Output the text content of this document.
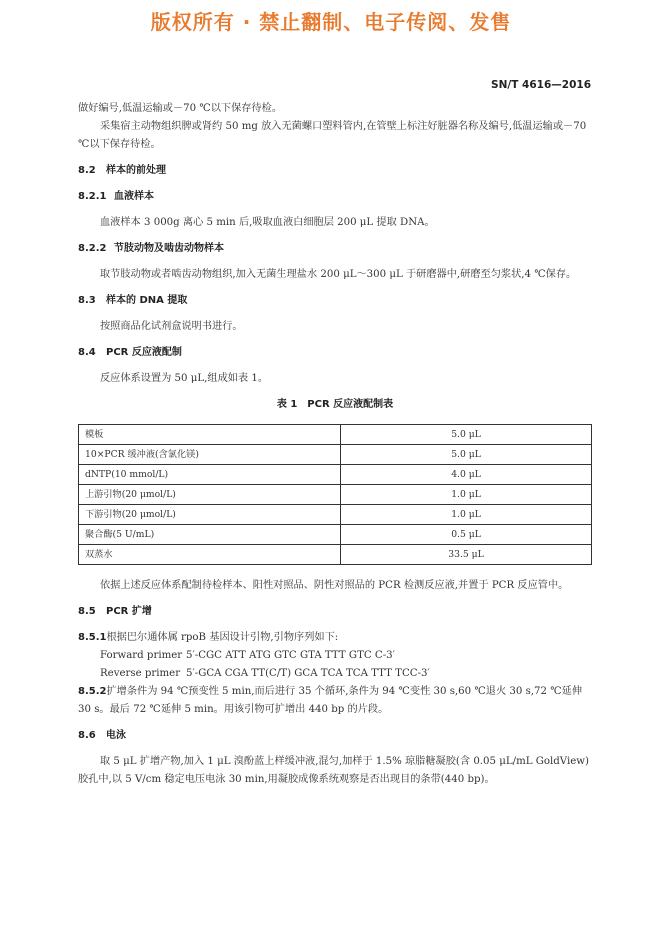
版权所有 · 禁止翻制、电子传阅、发售
SN/T 4616—2016

做好编号,低温运输或－70 ℃以下保存待检。

采集宿主动物组织脾或肾约 50 mg 放入无菌螺口塑料管内,在管壁上标注好脏器名称及编号,低温运输或－70 ℃以下保存待检。

8.2 样本的前处理

8.2.1 血液样本

血液样本 3 000g 离心 5 min 后,吸取血液白细胞层 200 μL 提取 DNA。

8.2.2 节肢动物及啮齿动物样本

取节肢动物或者啮齿动物组织,加入无菌生理盐水 200 μL～300 μL 于研磨器中,研磨至匀浆状,4 ℃保存。

8.3 样本的 DNA 提取

按照商品化试剂盒说明书进行。

8.4 PCR 反应液配制

反应体系设置为 50 μL,组成如表 1。

表 1　PCR 反应液配制表
模板	5.0 μL
10×PCR 缓冲液(含氯化镁)	5.0 μL
dNTP(10 mmol/L)	4.0 μL
上游引物(20 μmol/L)	1.0 μL
下游引物(20 μmol/L)	1.0 μL
聚合酶(5 U/mL)	0.5 μL
双蒸水	33.5 μL

依据上述反应体系配制待检样本、阳性对照品、阴性对照品的 PCR 检测反应液,并置于 PCR 反应管中。

8.5 PCR 扩增

8.5.1根据巴尔通体属 rpoB 基因设计引物,引物序列如下:

Forward primer 5′-CGC ATT ATG GTC GTA TTT GTC C-3′

Reverse primer 5′-GCA CGA TT(C/T) GCA TCA TCA TTT TCC-3′

8.5.2扩增条件为 94 ℃预变性 5 min,而后进行 35 个循环,条件为 94 ℃变性 30 s,60 ℃退火 30 s,72 ℃延伸 30 s。最后 72 ℃延伸 5 min。用该引物可扩增出 440 bp 的片段。

8.6 电泳

取 5 μL 扩增产物,加入 1 μL 溴酚蓝上样缓冲液,混匀,加样于 1.5% 琼脂糖凝胶(含 0.05 μL/mL GoldView)胶孔中,以 5 V/cm 稳定电压电泳 30 min,用凝胶成像系统观察是否出现目的条带(440 bp)。
